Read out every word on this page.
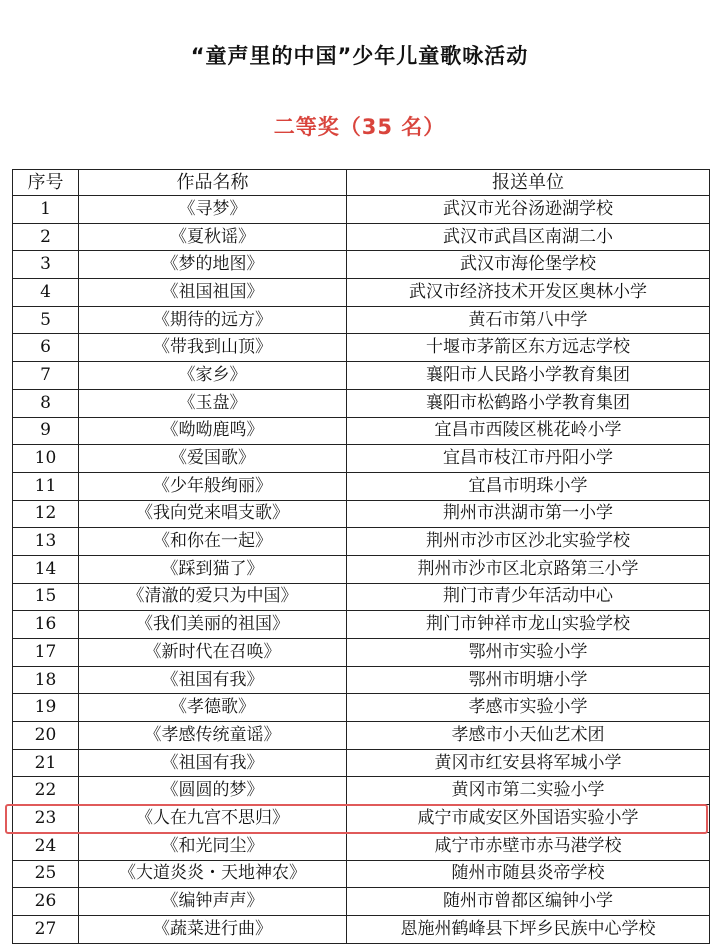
“童声里的中国”少年儿童歌咏活动
二等奖（35 名）
序号	作品名称	报送单位
1	《寻梦》	武汉市光谷汤逊湖学校
2	《夏秋谣》	武汉市武昌区南湖二小
3	《梦的地图》	武汉市海伦堡学校
4	《祖国祖国》	武汉市经济技术开发区奥林小学
5	《期待的远方》	黄石市第八中学
6	《带我到山顶》	十堰市茅箭区东方远志学校
7	《家乡》	襄阳市人民路小学教育集团
8	《玉盘》	襄阳市松鹤路小学教育集团
9	《呦呦鹿鸣》	宜昌市西陵区桃花岭小学
10	《爱国歌》	宜昌市枝江市丹阳小学
11	《少年般绚丽》	宜昌市明珠小学
12	《我向党来唱支歌》	荆州市洪湖市第一小学
13	《和你在一起》	荆州市沙市区沙北实验学校
14	《踩到猫了》	荆州市沙市区北京路第三小学
15	《清澈的爱只为中国》	荆门市青少年活动中心
16	《我们美丽的祖国》	荆门市钟祥市龙山实验学校
17	《新时代在召唤》	鄂州市实验小学
18	《祖国有我》	鄂州市明塘小学
19	《孝德歌》	孝感市实验小学
20	《孝感传统童谣》	孝感市小天仙艺术团
21	《祖国有我》	黄冈市红安县将军城小学
22	《圆圆的梦》	黄冈市第二实验小学
23	《人在九宫不思归》	咸宁市咸安区外国语实验小学
24	《和光同尘》	咸宁市赤壁市赤马港学校
25	《大道炎炎・天地神农》	随州市随县炎帝学校
26	《编钟声声》	随州市曾都区编钟小学
27	《蔬菜进行曲》	恩施州鹤峰县下坪乡民族中心学校
